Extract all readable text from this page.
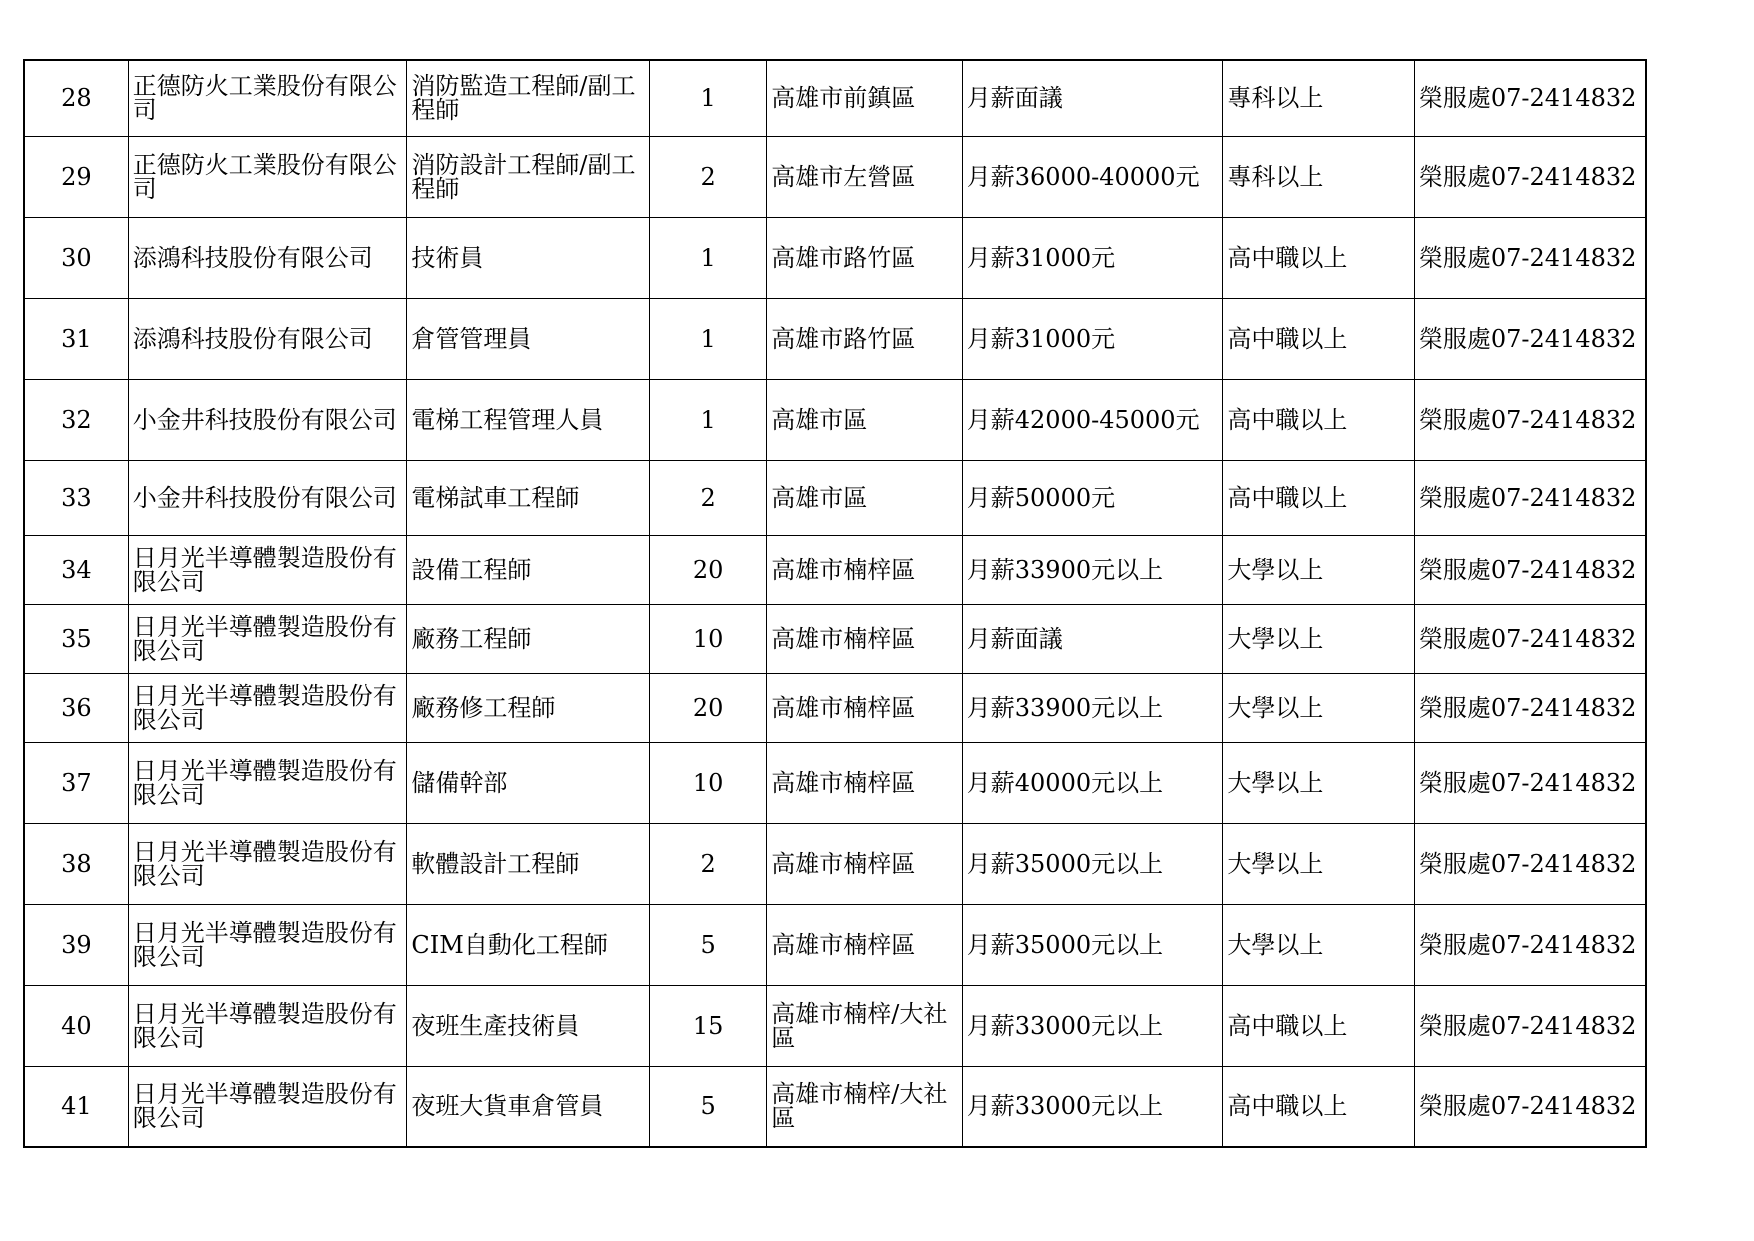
28	正德防火工業股份有限公司	消防監造工程師/副工程師	1	高雄市前鎮區	月薪面議	專科以上	榮服處07-2414832
29	正德防火工業股份有限公司	消防設計工程師/副工程師	2	高雄市左營區	月薪36000-40000元	專科以上	榮服處07-2414832
30	添鴻科技股份有限公司	技術員	1	高雄市路竹區	月薪31000元	高中職以上	榮服處07-2414832
31	添鴻科技股份有限公司	倉管管理員	1	高雄市路竹區	月薪31000元	高中職以上	榮服處07-2414832
32	小金井科技股份有限公司	電梯工程管理人員	1	高雄市區	月薪42000-45000元	高中職以上	榮服處07-2414832
33	小金井科技股份有限公司	電梯試車工程師	2	高雄市區	月薪50000元	高中職以上	榮服處07-2414832
34	日月光半導體製造股份有限公司	設備工程師	20	高雄市楠梓區	月薪33900元以上	大學以上	榮服處07-2414832
35	日月光半導體製造股份有限公司	廠務工程師	10	高雄市楠梓區	月薪面議	大學以上	榮服處07-2414832
36	日月光半導體製造股份有限公司	廠務修工程師	20	高雄市楠梓區	月薪33900元以上	大學以上	榮服處07-2414832
37	日月光半導體製造股份有限公司	儲備幹部	10	高雄市楠梓區	月薪40000元以上	大學以上	榮服處07-2414832
38	日月光半導體製造股份有限公司	軟體設計工程師	2	高雄市楠梓區	月薪35000元以上	大學以上	榮服處07-2414832
39	日月光半導體製造股份有限公司	CIM自動化工程師	5	高雄市楠梓區	月薪35000元以上	大學以上	榮服處07-2414832
40	日月光半導體製造股份有限公司	夜班生產技術員	15	高雄市楠梓/大社區	月薪33000元以上	高中職以上	榮服處07-2414832
41	日月光半導體製造股份有限公司	夜班大貨車倉管員	5	高雄市楠梓/大社區	月薪33000元以上	高中職以上	榮服處07-2414832
